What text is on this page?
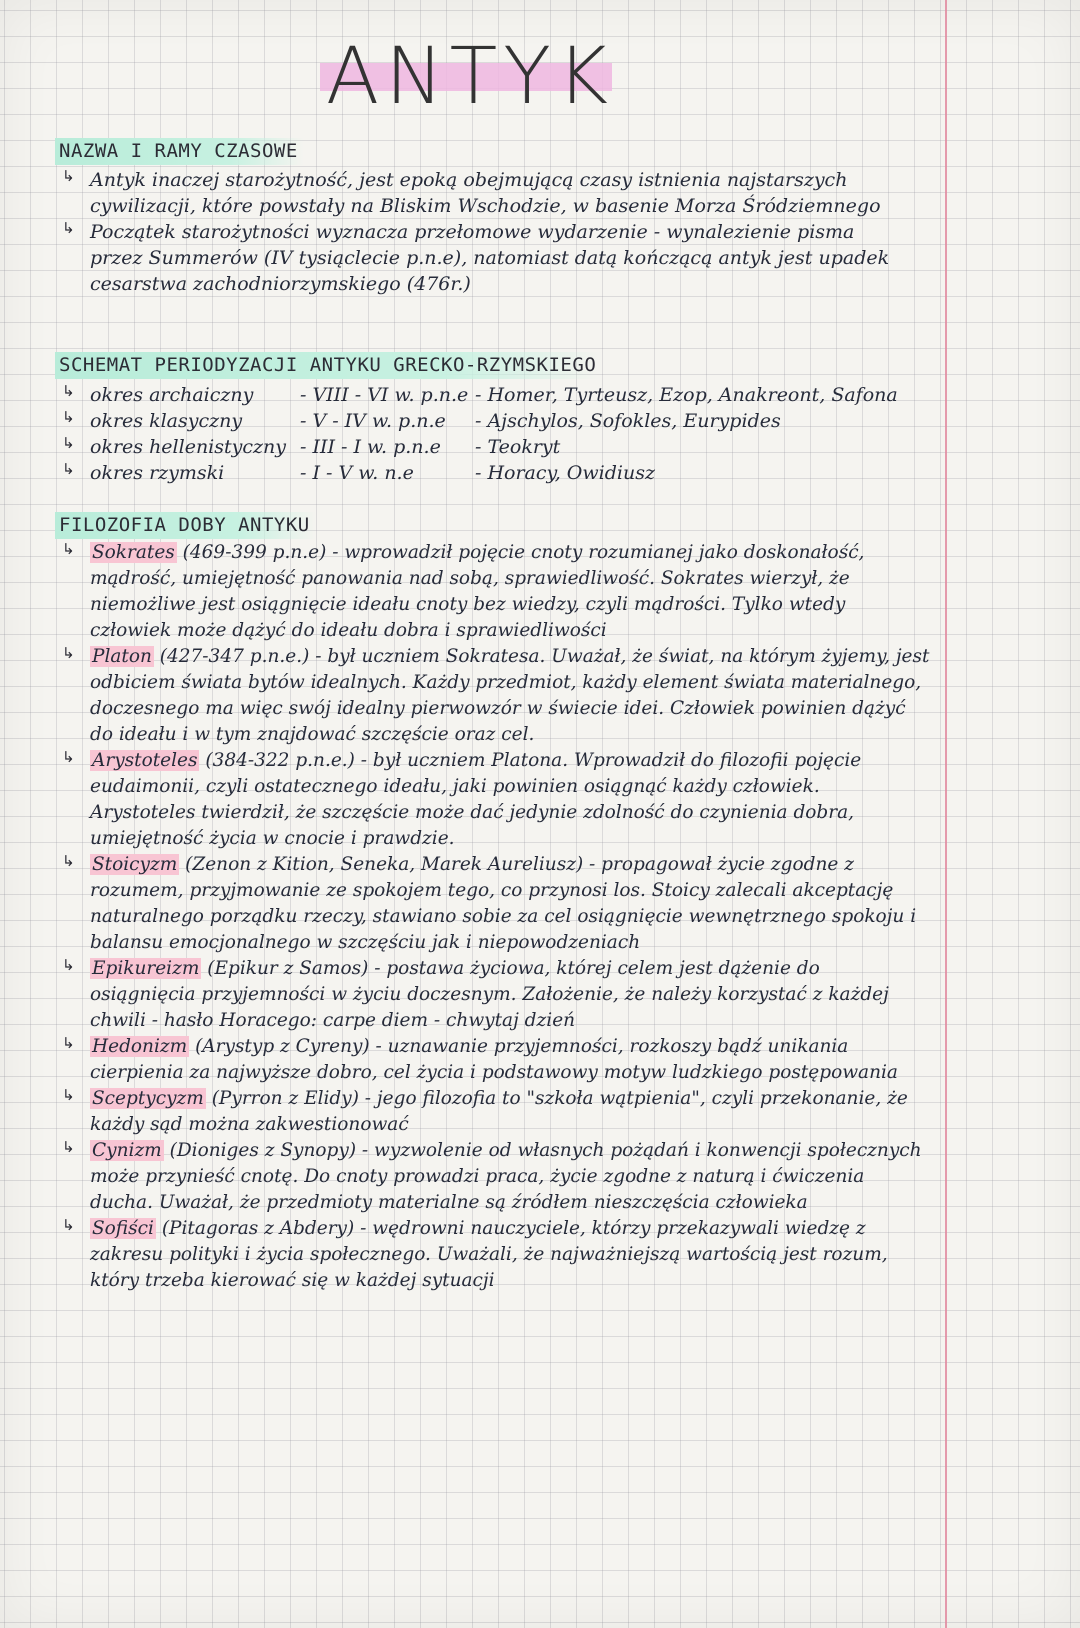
ANTYK
NAZWA I RAMY CZASOWE
↳ Antyk inaczej starożytność, jest epoką obejmującą czasy istnienia najstarszych cywilizacji, które powstały na Bliskim Wschodzie, w basenie Morza Śródziemnego
↳ Początek starożytności wyznacza przełomowe wydarzenie - wynalezienie pisma przez Summerów (IV tysiąclecie p.n.e), natomiast datą kończącą antyk jest upadek cesarstwa zachodniorzymskiego (476r.)
SCHEMAT PERIODYZACJI ANTYKU GRECKO-RZYMSKIEGO
↳ okres archaiczny	- VIII - VI w. p.n.e - Homer, Tyrteusz, Ezop, Anakreont, Safona
↳ okres klasyczny	- V - IV w. p.n.e	- Ajschylos, Sofokles, Eurypides
↳ okres hellenistyczny - III - I w. p.n.e	- Teokryt
↳ okres rzymski	- I - V w. n.e	- Horacy, Owidiusz
FILOZOFIA DOBY ANTYKU
↳ Sokrates (469-399 p.n.e) - wprowadził pojęcie cnoty rozumianej jako doskonałość, mądrość, umiejętność panowania nad sobą, sprawiedliwość. Sokrates wierzył, że niemożliwe jest osiągnięcie ideału cnoty bez wiedzy, czyli mądrości. Tylko wtedy człowiek może dążyć do ideału dobra i sprawiedliwości
↳ Platon (427-347 p.n.e.) - był uczniem Sokratesa. Uważał, że świat, na którym żyjemy, jest odbiciem świata bytów idealnych. Każdy przedmiot, każdy element świata materialnego, doczesnego ma więc swój idealny pierwowzór w świecie idei. Człowiek powinien dążyć do ideału i w tym znajdować szczęście oraz cel.
↳ Arystoteles (384-322 p.n.e.) - był uczniem Platona. Wprowadził do filozofii pojęcie eudaimonii, czyli ostatecznego ideału, jaki powinien osiągnąć każdy człowiek. Arystoteles twierdził, że szczęście może dać jedynie zdolność do czynienia dobra, umiejętność życia w cnocie i prawdzie.
↳ Stoicyzm (Zenon z Kition, Seneka, Marek Aureliusz) - propagował życie zgodne z rozumem, przyjmowanie ze spokojem tego, co przynosi los. Stoicy zalecali akceptację naturalnego porządku rzeczy, stawiano sobie za cel osiągnięcie wewnętrznego spokoju i balansu emocjonalnego w szczęściu jak i niepowodzeniach
↳ Epikureizm (Epikur z Samos) - postawa życiowa, której celem jest dążenie do osiągnięcia przyjemności w życiu doczesnym. Założenie, że należy korzystać z każdej chwili - hasło Horacego: carpe diem - chwytaj dzień
↳ Hedonizm (Arystyp z Cyreny) - uznawanie przyjemności, rozkoszy bądź unikania cierpienia za najwyższe dobro, cel życia i podstawowy motyw ludzkiego postępowania
↳ Sceptycyzm (Pyrron z Elidy) - jego filozofia to "szkoła wątpienia", czyli przekonanie, że każdy sąd można zakwestionować
↳ Cynizm (Dioniges z Synopy) - wyzwolenie od własnych pożądań i konwencji społecznych może przynieść cnotę. Do cnoty prowadzi praca, życie zgodne z naturą i ćwiczenia ducha. Uważał, że przedmioty materialne są źródłem nieszczęścia człowieka
↳ Sofiści (Pitagoras z Abdery) - wędrowni nauczyciele, którzy przekazywali wiedzę z zakresu polityki i życia społecznego. Uważali, że najważniejszą wartością jest rozum, który trzeba kierować się w każdej sytuacji
